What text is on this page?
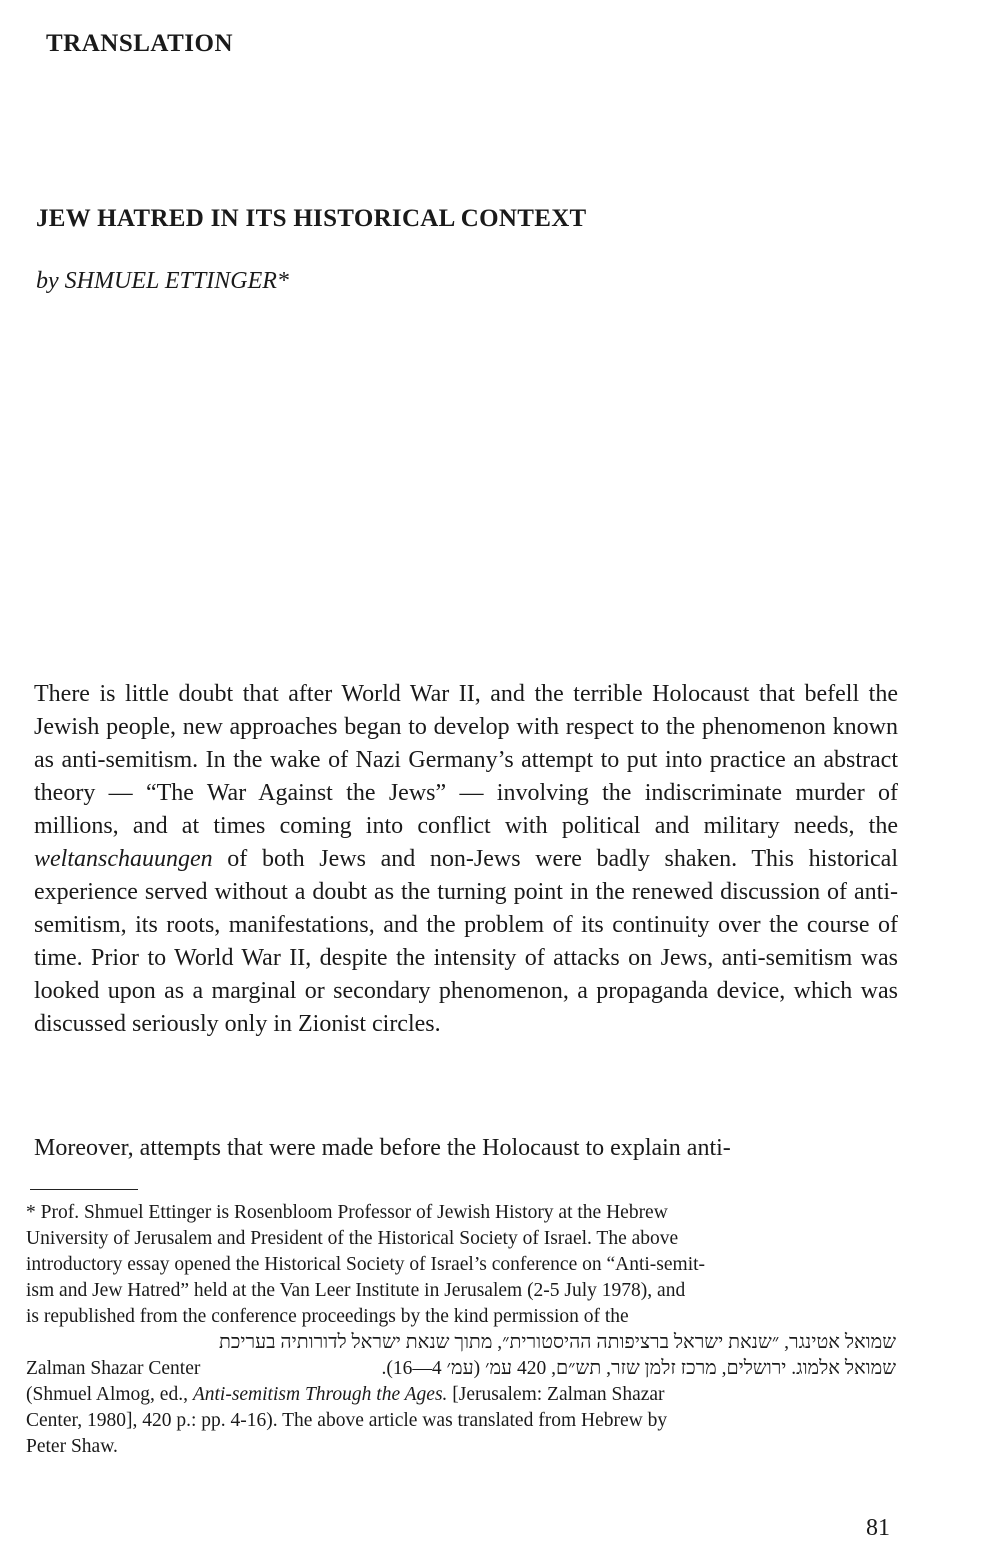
TRANSLATION
JEW HATRED IN ITS HISTORICAL CONTEXT
by SHMUEL ETTINGER*

There is little doubt that after World War II, and the terrible Holocaust that befell the Jewish people, new approaches began to develop with respect to the phenomenon known as anti-semitism. In the wake of Nazi Germany’s attempt to put into practice an abstract theory — “The War Against the Jews” — involving the indiscriminate murder of millions, and at times coming into conflict with political and military needs, the weltanschauungen of both Jews and non-Jews were badly shaken. This historical experience served without a doubt as the turning point in the renewed discussion of anti-semitism, its roots, manifestations, and the problem of its continuity over the course of time. Prior to World War II, despite the intensity of attacks on Jews, anti-semitism was looked upon as a marginal or secondary phenomenon, a propaganda device, which was discussed seriously only in Zionist circles.

Moreover, attempts that were made before the Holocaust to explain anti-

* Prof. Shmuel Ettinger is Rosenbloom Professor of Jewish History at the Hebrew
University of Jerusalem and President of the Historical Society of Israel. The above
introductory essay opened the Historical Society of Israel’s conference on “Anti-semit-
ism and Jew Hatred” held at the Van Leer Institute in Jerusalem (2-5 July 1978), and
is republished from the conference proceedings by the kind permission of the
שמואל אטינגר, ״שנאת ישראל ברציפותה ההיסטורית״, מתוך שנאת ישראל לדורותיה בעריכת
Zalman Shazar Center	שמואל אלמוג. ירושלים, מרכז זלמן שזר, תש״ם, 420 עמ׳ (עמ׳ 4—16).
(Shmuel Almog, ed., Anti-semitism Through the Ages. [Jerusalem: Zalman Shazar
Center, 1980], 420 p.: pp. 4-16). The above article was translated from Hebrew by
Peter Shaw.
81
